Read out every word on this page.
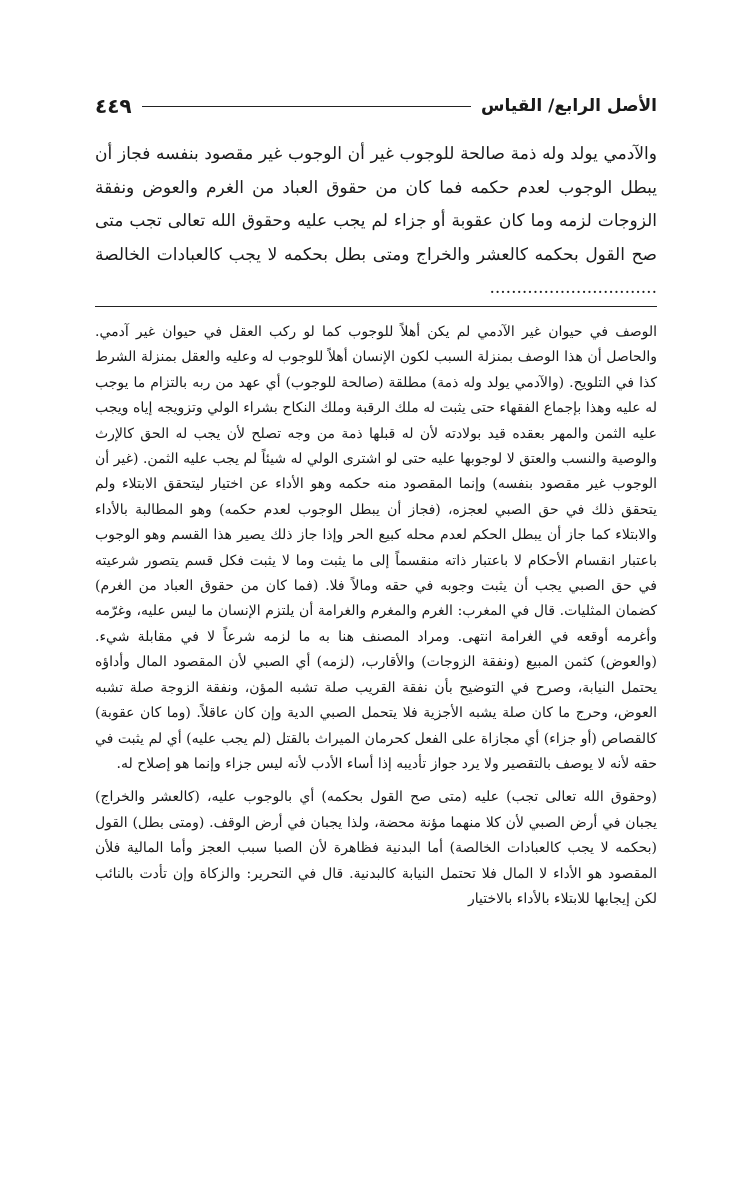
الأصل الرابع/ القياس
٤٤٩

والآدمي يولد وله ذمة صالحة للوجوب غير أن الوجوب غير مقصود بنفسه فجاز أن يبطل الوجوب لعدم حكمه فما كان من حقوق العباد من الغرم والعوض ونفقة الزوجات لزمه وما كان عقوبة أو جزاء لم يجب عليه وحقوق الله تعالى تجب متى صح القول بحكمه كالعشر والخراج ومتى بطل بحكمه لا يجب كالعبادات الخالصة ...............................

الوصف في حيوان غير الآدمي لم يكن أهلاً للوجوب كما لو ركب العقل في حيوان غير آدمي. والحاصل أن هذا الوصف بمنزلة السبب لكون الإنسان أهلاً للوجوب له وعليه والعقل بمنزلة الشرط كذا في التلويح. (والآدمي يولد وله ذمة) مطلقة (صالحة للوجوب) أي عهد من ربه بالتزام ما يوجب له عليه وهذا بإجماع الفقهاء حتى يثبت له ملك الرقبة وملك النكاح بشراء الولي وتزويجه إياه ويجب عليه الثمن والمهر بعقده قيد بولادته لأن له قبلها ذمة من وجه تصلح لأن يجب له الحق كالإرث والوصية والنسب والعتق لا لوجوبها عليه حتى لو اشترى الولي له شيئاً لم يجب عليه الثمن. (غير أن الوجوب غير مقصود بنفسه) وإنما المقصود منه حكمه وهو الأداء عن اختيار ليتحقق الابتلاء ولم يتحقق ذلك في حق الصبي لعجزه، (فجاز أن يبطل الوجوب لعدم حكمه) وهو المطالبة بالأداء والابتلاء كما جاز أن يبطل الحكم لعدم محله كبيع الحر وإذا جاز ذلك يصير هذا القسم وهو الوجوب باعتبار انقسام الأحكام لا باعتبار ذاته منقسماً إلى ما يثبت وما لا يثبت فكل قسم يتصور شرعيته في حق الصبي يجب أن يثبت وجوبه في حقه ومالاً فلا. (فما كان من حقوق العباد من الغرم) كضمان المثليات. قال في المغرب: الغرم والمغرم والغرامة أن يلتزم الإنسان ما ليس عليه، وغرّمه وأغرمه أوقعه في الغرامة انتهى. ومراد المصنف هنا به ما لزمه شرعاً لا في مقابلة شيء. (والعوض) كثمن المبيع (ونفقة الزوجات) والأقارب، (لزمه) أي الصبي لأن المقصود المال وأداؤه يحتمل النيابة، وصرح في التوضيح بأن نفقة القريب صلة تشبه المؤن، ونفقة الزوجة صلة تشبه العوض، وحرج ما كان صلة يشبه الأجزية فلا يتحمل الصبي الدية وإن كان عاقلاً. (وما كان عقوبة) كالقصاص (أو جزاء) أي مجازاة على الفعل كحرمان الميراث بالقتل (لم يجب عليه) أي لم يثبت في حقه لأنه لا يوصف بالتقصير ولا يرد جواز تأديبه إذا أساء الأدب لأنه ليس جزاء وإنما هو إصلاح له.

(وحقوق الله تعالى تجب) عليه (متى صح القول بحكمه) أي بالوجوب عليه، (كالعشر والخراج) يجبان في أرض الصبي لأن كلا منهما مؤنة محضة، ولذا يجبان في أرض الوقف. (ومتى بطل) القول (بحكمه لا يجب كالعبادات الخالصة) أما البدنية فظاهرة لأن الصبا سبب العجز وأما المالية فلأن المقصود هو الأداء لا المال فلا تحتمل النيابة كالبدنية. قال في التحرير: والزكاة وإن تأدت بالنائب لكن إيجابها للابتلاء بالأداء بالاختيار
